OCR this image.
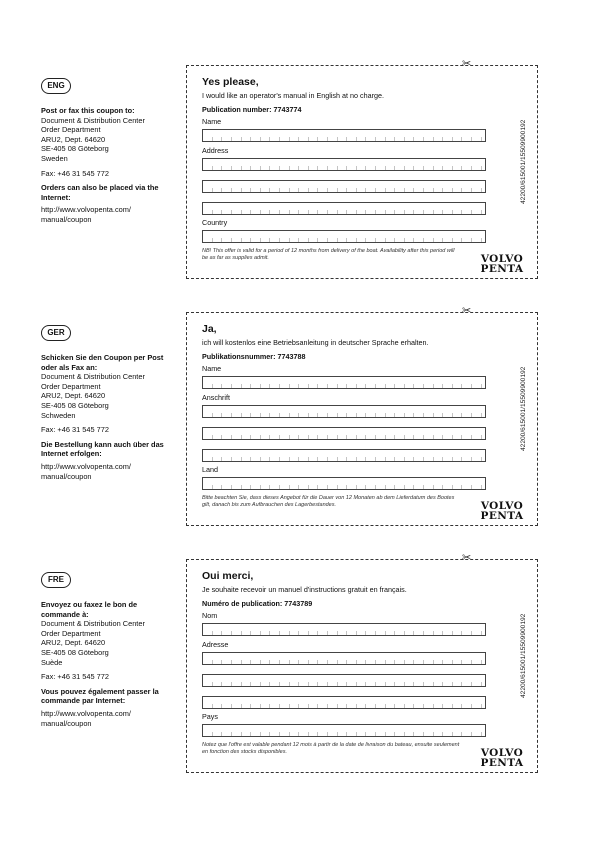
ENG

Post or fax this coupon to:

Document & Distribution Center

Order Department

ARU2, Dept. 64620

SE-405 08 Göteborg

Sweden

Fax: +46 31 545 772

Orders can also be placed via the Internet:

http://www.volvopenta.com/

manual/coupon

✂
Yes please,
I would like an operator's manual in English at no charge.
Publication number: 7743774
Name
Address
Country
NB! This offer is valid for a period of 12 months from delivery of the boat. Availability after this period will be as far as supplies admit.	VOLVO
PENTA
42200/615001/15509900192
GER

Schicken Sie den Coupon per Post oder als Fax an:

Document & Distribution Center

Order Department

ARU2, Dept. 64620

SE-405 08 Göteborg

Schweden

Fax: +46 31 545 772

Die Bestellung kann auch über das Internet erfolgen:

http://www.volvopenta.com/

manual/coupon

✂
Ja,
ich will kostenlos eine Betriebsanleitung in deutscher Sprache erhalten.
Publikationsnummer: 7743788
Name
Anschrift
Land
Bitte beachten Sie, dass dieses Angebot für die Dauer von 12 Monaten ab dem Lieferdatum des Bootes gilt, danach bis zum Aufbrauchen des Lagerbestandes.	VOLVO
PENTA
42200/615001/15509900192
FRE

Envoyez ou faxez le bon de commande à:

Document & Distribution Center

Order Department

ARU2, Dept. 64620

SE-405 08 Göteborg

Suède

Fax: +46 31 545 772

Vous pouvez également passer la commande par Internet:

http://www.volvopenta.com/

manual/coupon

✂
Oui merci,
Je souhaite recevoir un manuel d'instructions gratuit en français.
Numéro de publication: 7743789
Nom
Adresse
Pays
Notez que l'offre est valable pendant 12 mois à partir de la date de livraison du bateau, ensuite seulement en fonction des stocks disponibles.	VOLVO
PENTA
42200/615001/15509900192
